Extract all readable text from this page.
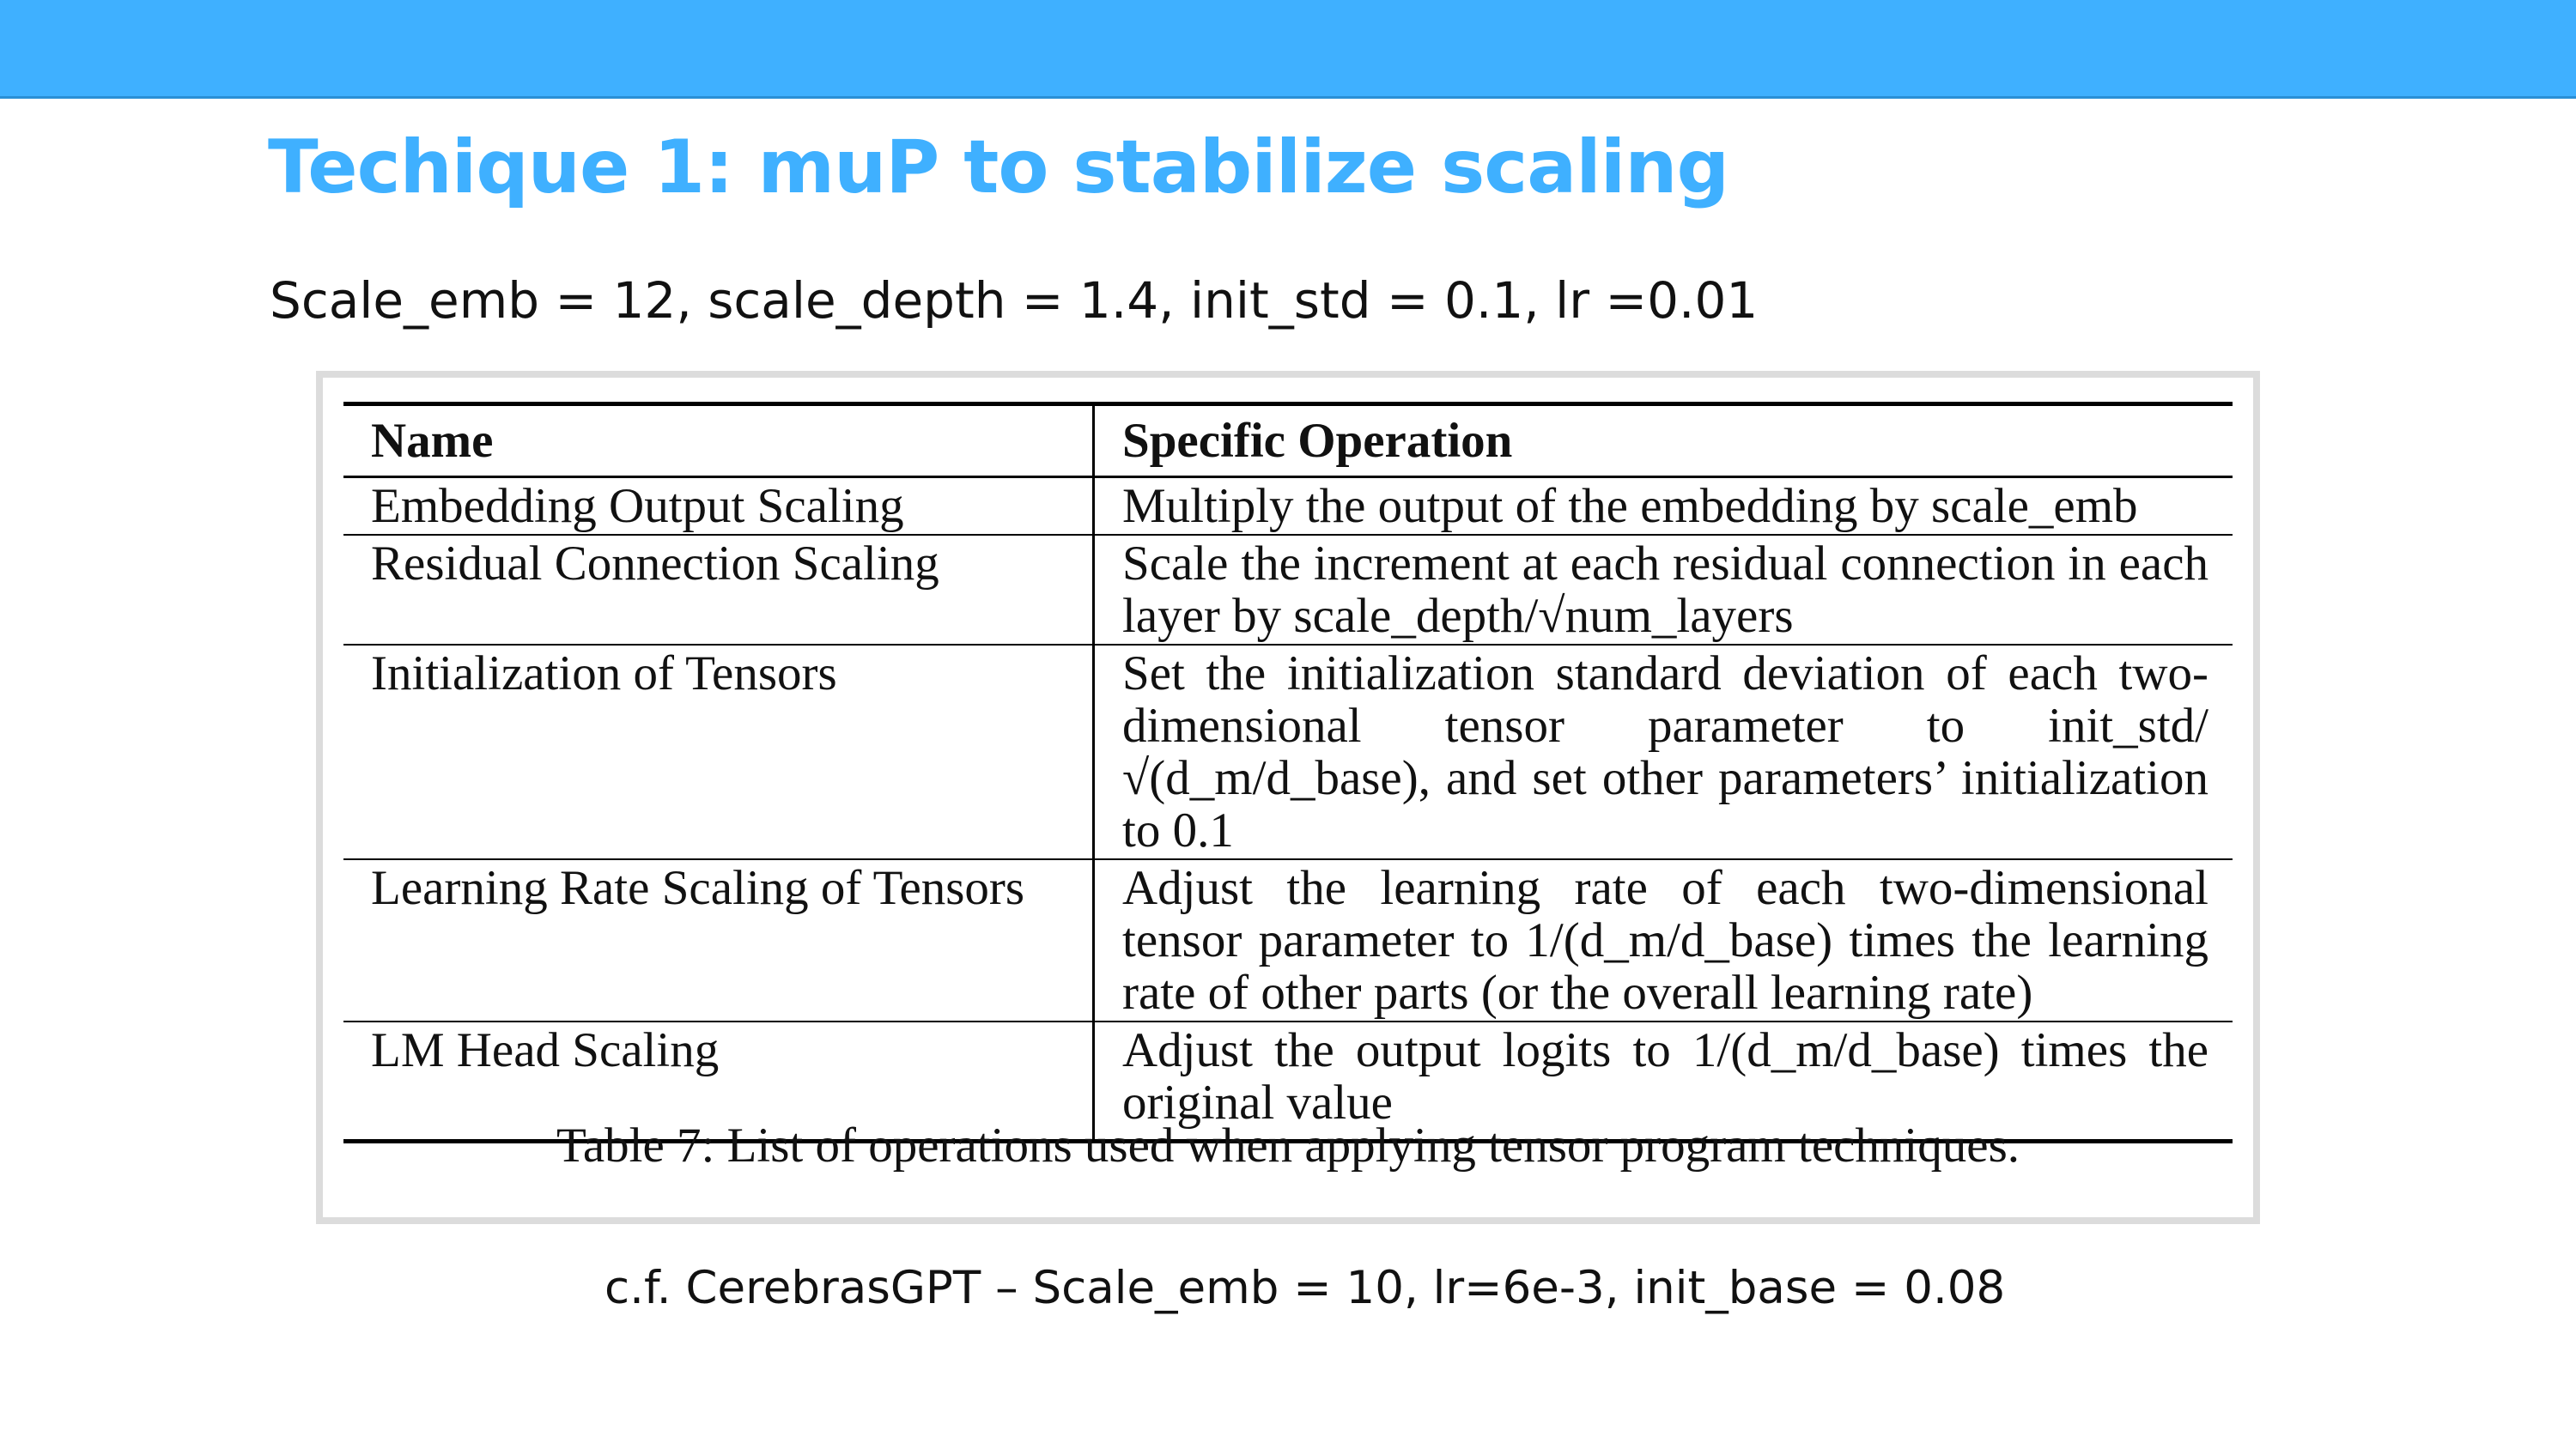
Techique 1: muP to stabilize scaling
Scale_emb = 12, scale_depth = 1.4, init_std = 0.1, lr =0.01
Name	Specific Operation
Embedding Output Scaling	Multiply the output of the embedding by scale_emb
Residual Connection Scaling	Scale the increment at each residual connection in each layer by scale_depth/√num_layers
Initialization of Tensors	Set the initialization standard deviation of each two-dimensional tensor parameter to init_std/√(d_m/d_base), and set other parameters’ initialization to 0.1
Learning Rate Scaling of Tensors	Adjust the learning rate of each two-dimensional tensor parameter to 1/(d_m/d_base) times the learning rate of other parts (or the overall learning rate)
LM Head Scaling	Adjust the output logits to 1/(d_m/d_base) times the original value
Table 7: List of operations used when applying tensor program techniques.
c.f. CerebrasGPT – Scale_emb = 10, lr=6e-3, init_base = 0.08
